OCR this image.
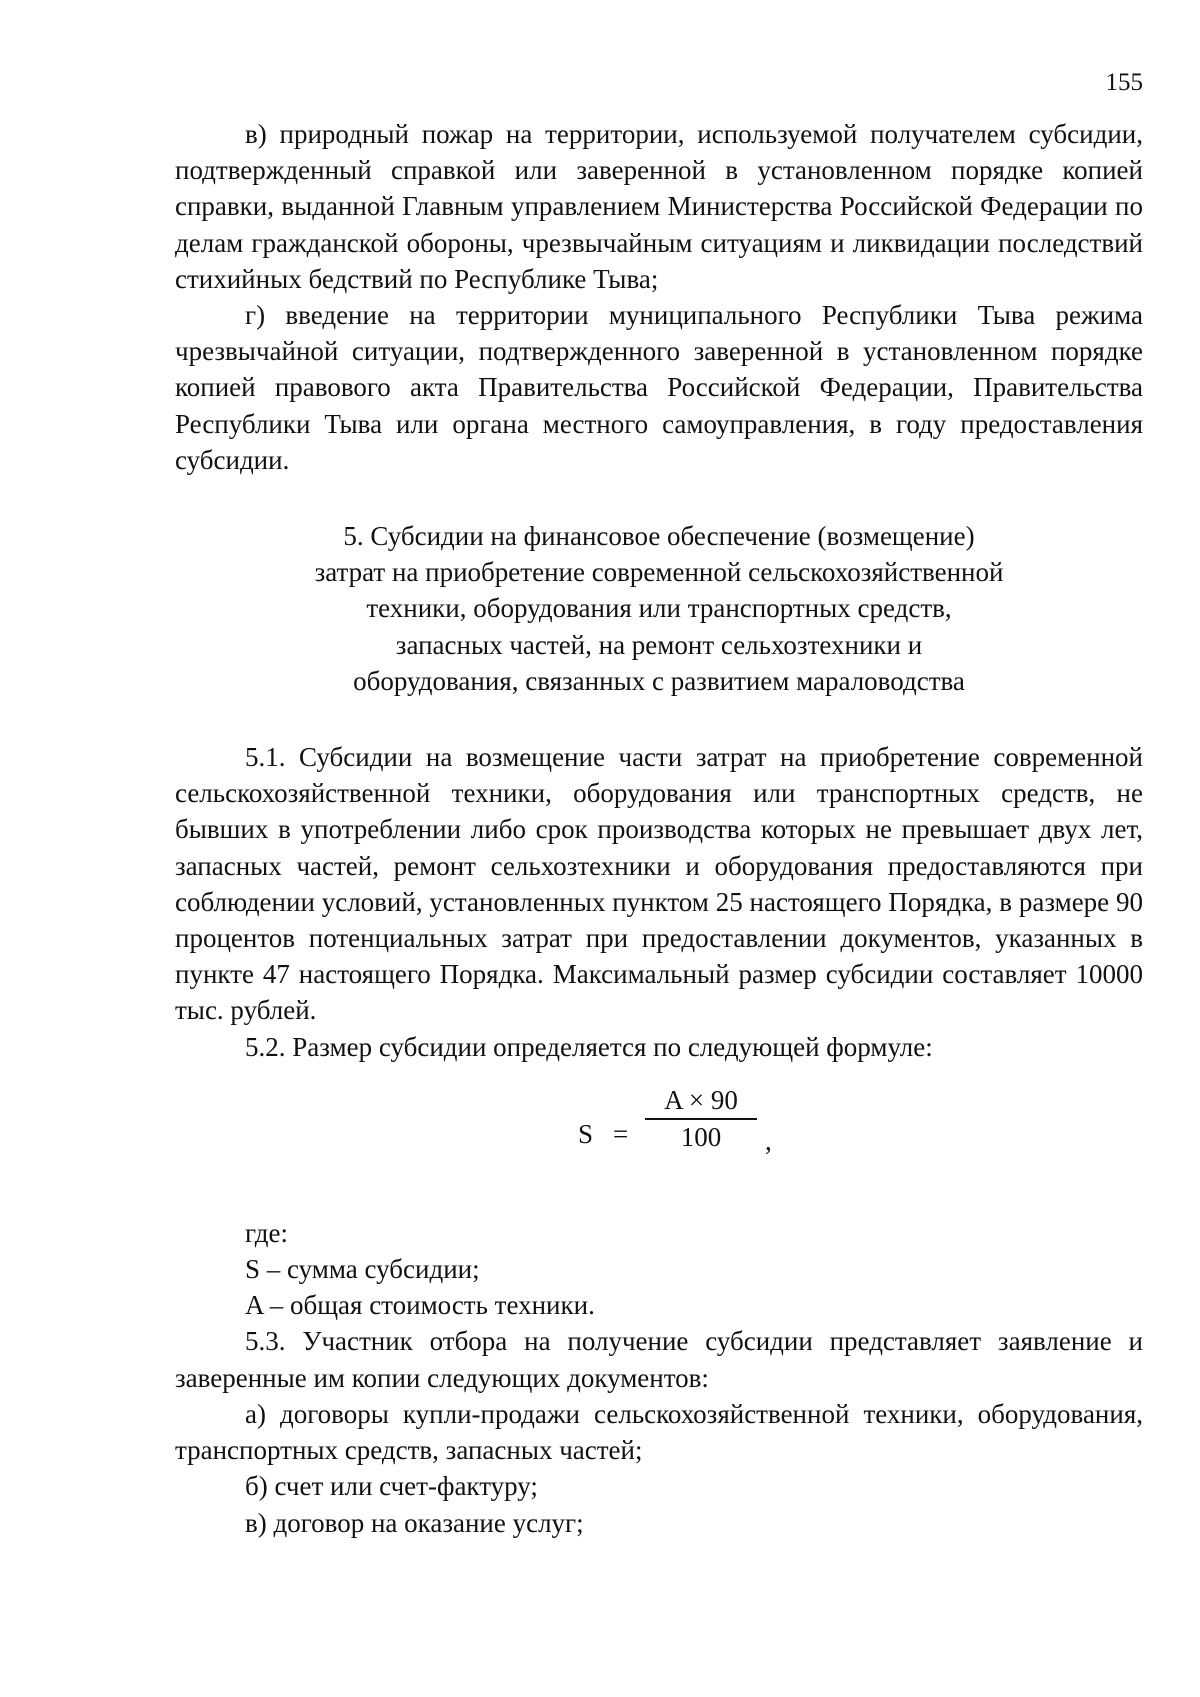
155

в) природный пожар на территории, используемой получателем субсидии, подтвержденный справкой или заверенной в установленном порядке копией справки, выданной Главным управлением Министерства Российской Федерации по делам гражданской обороны, чрезвычайным ситуациям и ликвидации последствий стихийных бедствий по Республике Тыва;

г) введение на территории муниципального Республики Тыва режима чрезвычайной ситуации, подтвержденного заверенной в установленном порядке копией правового акта Правительства Российской Федерации, Правительства Республики Тыва или органа местного самоуправления, в году предоставления субсидии.

5. Субсидии на финансовое обеспечение (возмещение)
затрат на приобретение современной сельскохозяйственной
техники, оборудования или транспортных средств,
запасных частей, на ремонт сельхозтехники и
оборудования, связанных с развитием мараловодства

5.1. Субсидии на возмещение части затрат на приобретение современной сельскохозяйственной техники, оборудования или транспортных средств, не бывших в употреблении либо срок производства которых не превышает двух лет, запасных частей, ремонт сельхозтехники и оборудования предоставляются при соблюдении условий, установленных пунктом 25 настоящего Порядка, в размере 90 процентов потенциальных затрат при предоставлении документов, указанных в пункте 47 настоящего Порядка. Максимальный размер субсидии составляет 10000 тыс. рублей.

5.2. Размер субсидии определяется по следующей формуле:

S =
A × 90
100	,

где:

S – сумма субсидии;

A – общая стоимость техники.

5.3. Участник отбора на получение субсидии представляет заявление и заверенные им копии следующих документов:

а) договоры купли-продажи сельскохозяйственной техники, оборудования, транспортных средств, запасных частей;

б) счет или счет-фактуру;

в) договор на оказание услуг;
